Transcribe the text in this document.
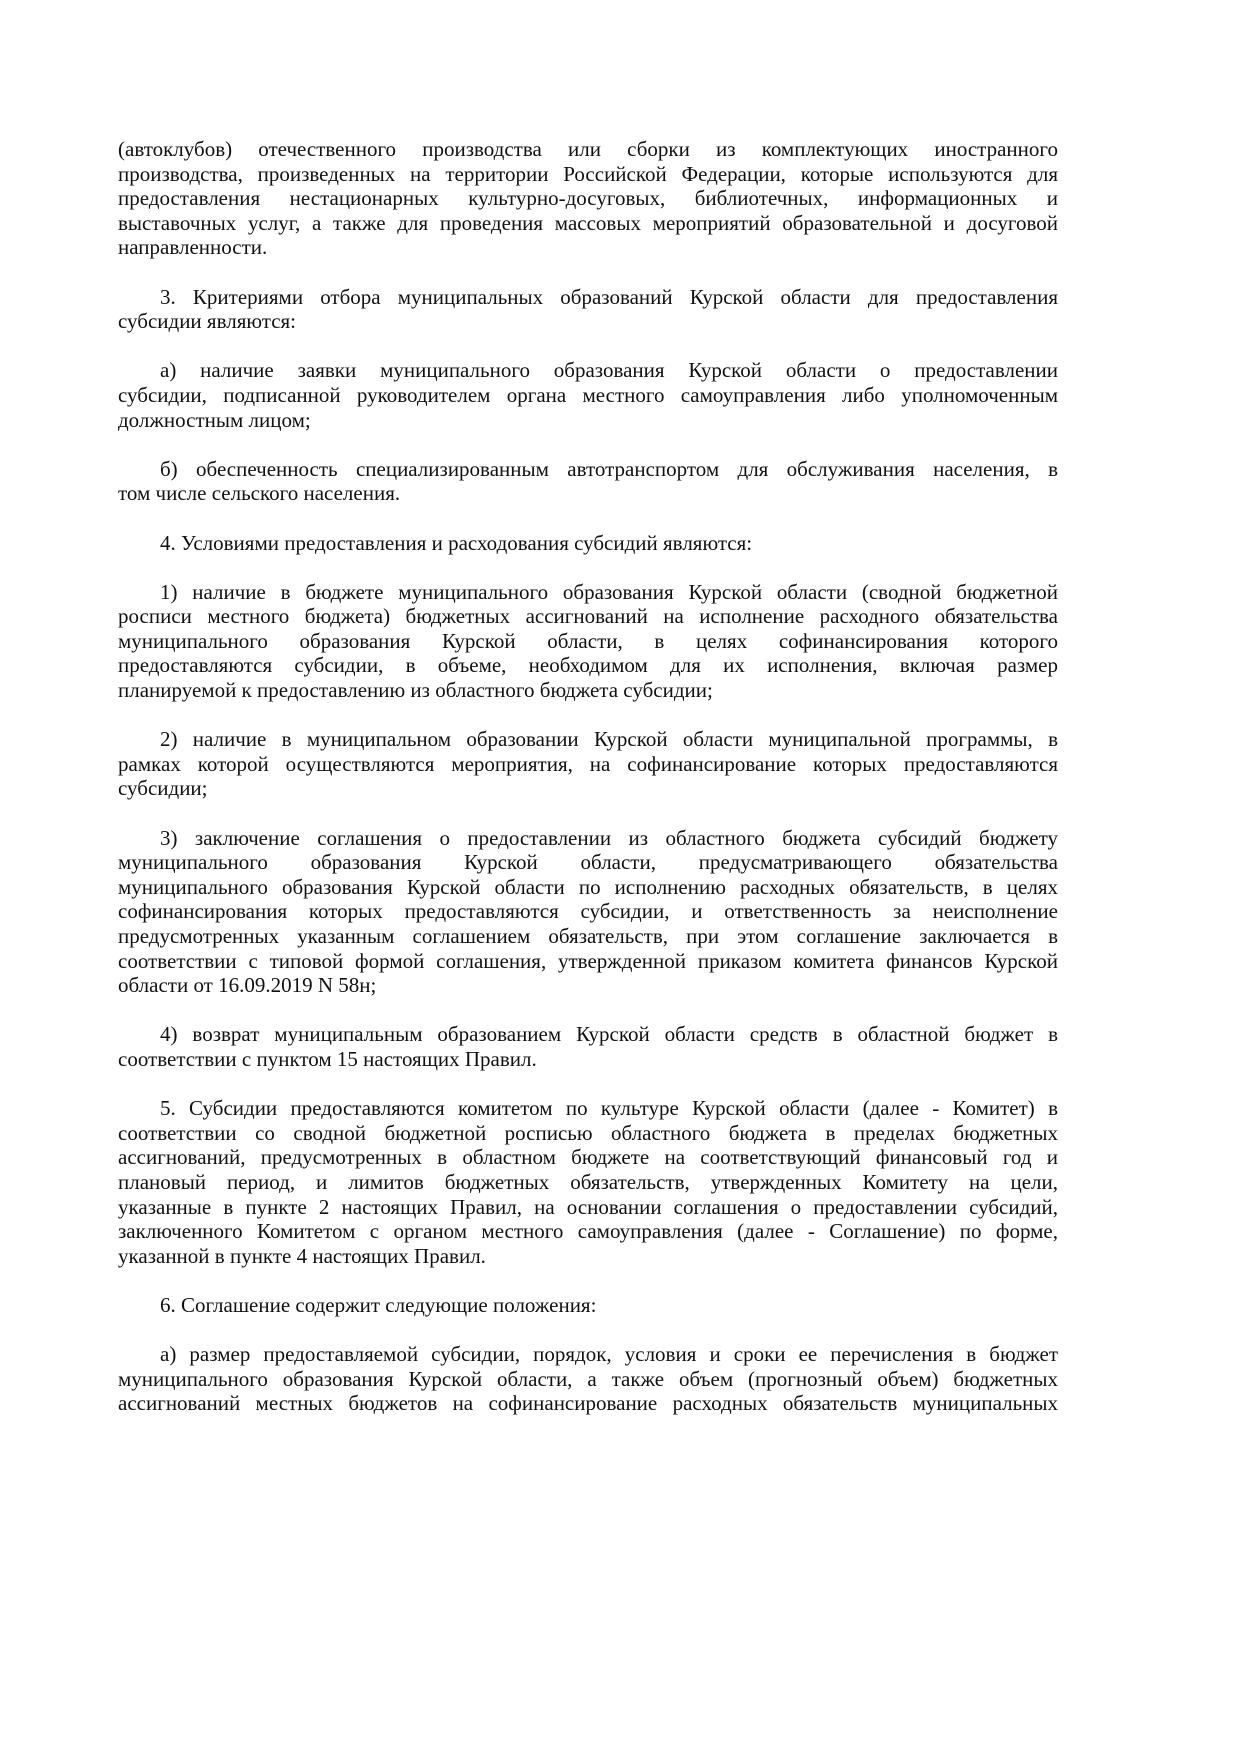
(автоклубов) отечественного производства или сборки из комплектующих иностранного
производства, произведенных на территории Российской Федерации, которые используются для
предоставления нестационарных культурно-досуговых, библиотечных, информационных и
выставочных услуг, а также для проведения массовых мероприятий образовательной и досуговой
направленности.
3. Критериями отбора муниципальных образований Курской области для предоставления
субсидии являются:
а) наличие заявки муниципального образования Курской области о предоставлении
субсидии, подписанной руководителем органа местного самоуправления либо уполномоченным
должностным лицом;
б) обеспеченность специализированным автотранспортом для обслуживания населения, в
том числе сельского населения.
4. Условиями предоставления и расходования субсидий являются:
1) наличие в бюджете муниципального образования Курской области (сводной бюджетной
росписи местного бюджета) бюджетных ассигнований на исполнение расходного обязательства
муниципального образования Курской области, в целях софинансирования которого
предоставляются субсидии, в объеме, необходимом для их исполнения, включая размер
планируемой к предоставлению из областного бюджета субсидии;
2) наличие в муниципальном образовании Курской области муниципальной программы, в
рамках которой осуществляются мероприятия, на софинансирование которых предоставляются
субсидии;
3) заключение соглашения о предоставлении из областного бюджета субсидий бюджету
муниципального образования Курской области, предусматривающего обязательства
муниципального образования Курской области по исполнению расходных обязательств, в целях
софинансирования которых предоставляются субсидии, и ответственность за неисполнение
предусмотренных указанным соглашением обязательств, при этом соглашение заключается в
соответствии с типовой формой соглашения, утвержденной приказом комитета финансов Курской
области от 16.09.2019 N 58н;
4) возврат муниципальным образованием Курской области средств в областной бюджет в
соответствии с пунктом 15 настоящих Правил.
5. Субсидии предоставляются комитетом по культуре Курской области (далее - Комитет) в
соответствии со сводной бюджетной росписью областного бюджета в пределах бюджетных
ассигнований, предусмотренных в областном бюджете на соответствующий финансовый год и
плановый период, и лимитов бюджетных обязательств, утвержденных Комитету на цели,
указанные в пункте 2 настоящих Правил, на основании соглашения о предоставлении субсидий,
заключенного Комитетом с органом местного самоуправления (далее - Соглашение) по форме,
указанной в пункте 4 настоящих Правил.
6. Соглашение содержит следующие положения:
а) размер предоставляемой субсидии, порядок, условия и сроки ее перечисления в бюджет
муниципального образования Курской области, а также объем (прогнозный объем) бюджетных
ассигнований местных бюджетов на софинансирование расходных обязательств муниципальных
